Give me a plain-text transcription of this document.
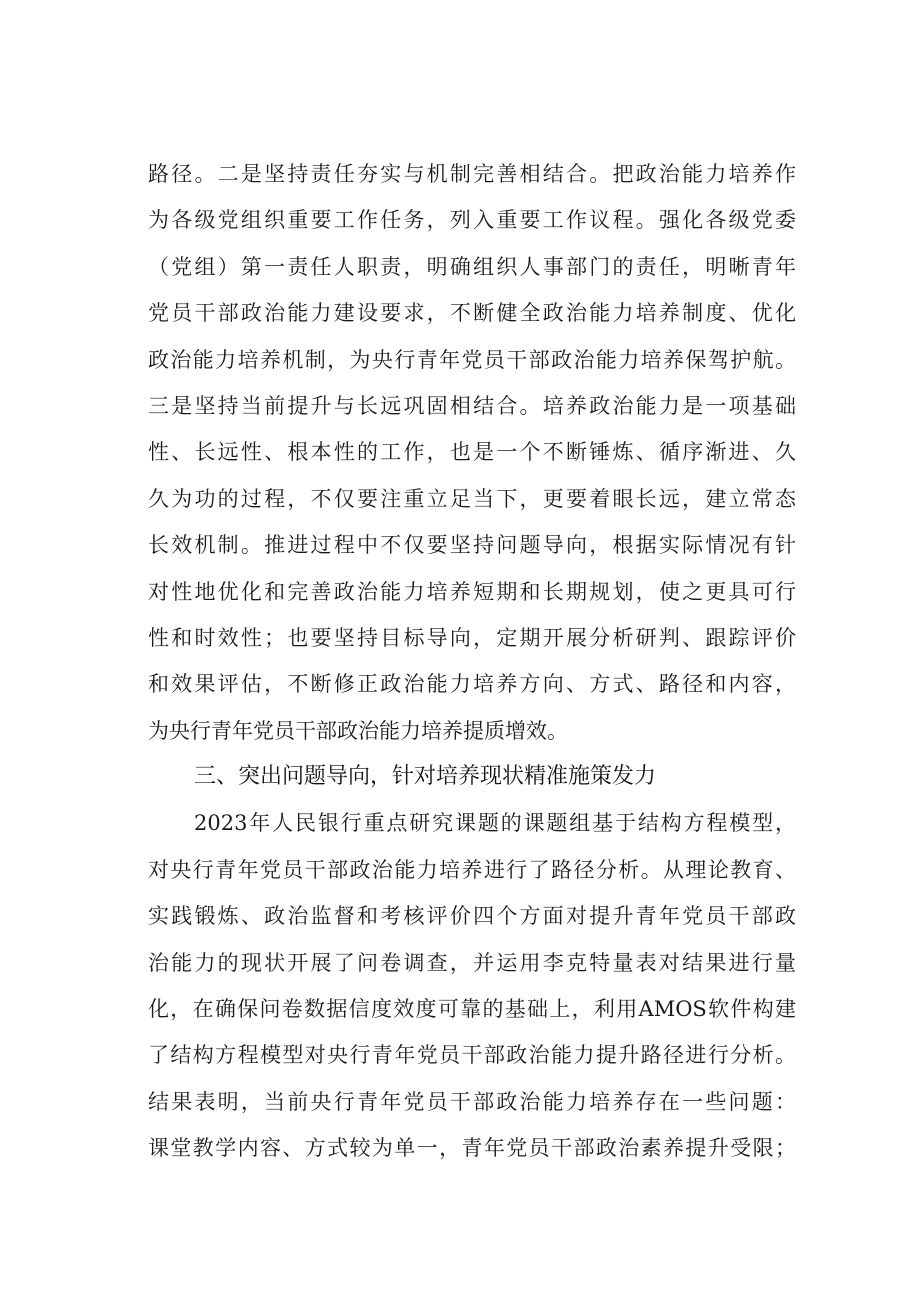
路径。二是坚持责任夯实与机制完善相结合。把政治能力培养作
为各级党组织重要工作任务，列入重要工作议程。强化各级党委
（党组）第一责任人职责，明确组织人事部门的责任，明晰青年
党员干部政治能力建设要求，不断健全政治能力培养制度、优化
政治能力培养机制，为央行青年党员干部政治能力培养保驾护航。
三是坚持当前提升与长远巩固相结合。培养政治能力是一项基础
性、长远性、根本性的工作，也是一个不断锤炼、循序渐进、久
久为功的过程，不仅要注重立足当下，更要着眼长远，建立常态
长效机制。推进过程中不仅要坚持问题导向，根据实际情况有针
对性地优化和完善政治能力培养短期和长期规划，使之更具可行
性和时效性；也要坚持目标导向，定期开展分析研判、跟踪评价
和效果评估，不断修正政治能力培养方向、方式、路径和内容，
为央行青年党员干部政治能力培养提质增效。
三、突出问题导向，针对培养现状精准施策发力
2023年人民银行重点研究课题的课题组基于结构方程模型，
对央行青年党员干部政治能力培养进行了路径分析。从理论教育、
实践锻炼、政治监督和考核评价四个方面对提升青年党员干部政
治能力的现状开展了问卷调查，并运用李克特量表对结果进行量
化，在确保问卷数据信度效度可靠的基础上，利用AMOS软件构建
了结构方程模型对央行青年党员干部政治能力提升路径进行分析。
结果表明，当前央行青年党员干部政治能力培养存在一些问题：
课堂教学内容、方式较为单一，青年党员干部政治素养提升受限；
